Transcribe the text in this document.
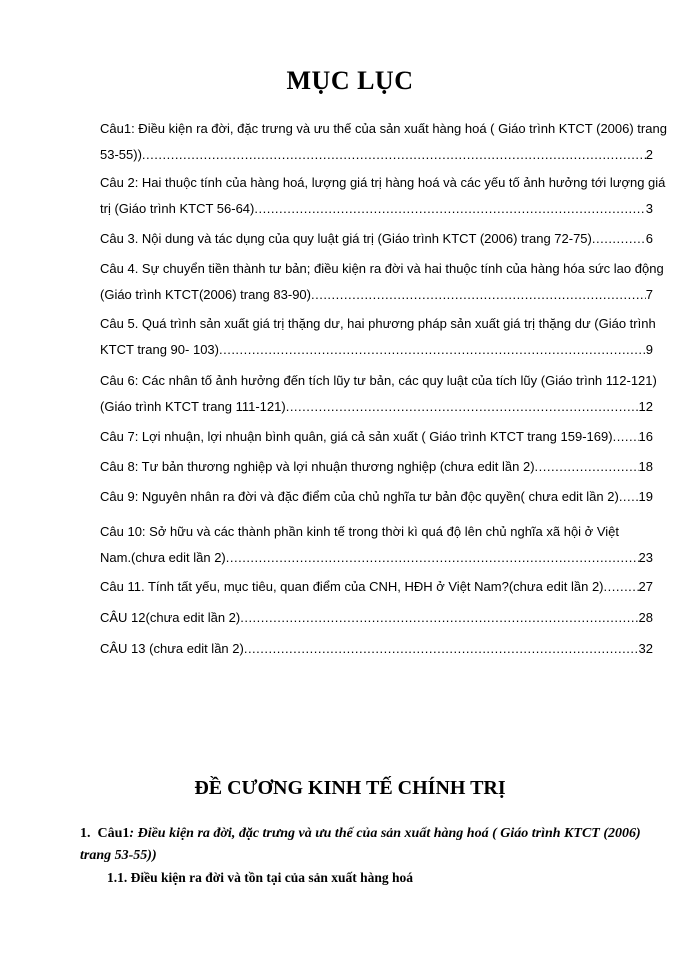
MỤC LỤC
Câu1: Điều kiện ra đời, đặc trưng và ưu thế của sản xuất hàng hoá ( Giáo trình KTCT (2006) trang
53-55)) .....	2
Câu 2: Hai thuộc tính của hàng hoá, lượng giá trị hàng hoá và các yếu tố ảnh hưởng tới lượng giá
trị (Giáo trình KTCT 56-64) .....	3
Câu 3. Nội dung và tác dụng của quy luật giá trị (Giáo trình KTCT (2006) trang 72-75) .....	6
Câu 4. Sự chuyển tiền thành tư bản; điều kiện ra đời và hai thuộc tính của hàng hóa sức lao động
(Giáo trình KTCT(2006) trang 83-90) .....	7
Câu 5. Quá trình sản xuất giá trị thặng dư, hai phương pháp sản xuất giá trị thặng dư (Giáo trình
KTCT trang 90- 103) .....	9
Câu 6: Các nhân tố ảnh hưởng đến tích lũy tư bản, các quy luật của tích lũy (Giáo trình 112-121)
(Giáo trình KTCT trang 111-121) .....	12
Câu 7: Lợi nhuận, lợi nhuận bình quân, giá cả sản xuất ( Giáo trình KTCT trang 159-169) ..... 16
Câu 8: Tư bản thương nghiệp và lợi nhuận thương nghiệp (chưa edit lần 2) .....	18
Câu 9: Nguyên nhân ra đời và đặc điểm của chủ nghĩa tư bản độc quyền( chưa edit lần 2) ..... 19
Câu 10: Sở hữu và các thành phần kinh tế trong thời kì quá độ lên chủ nghĩa xã hội ở Việt
Nam.(chưa edit lần 2) .....	23
Câu 11. Tính tất yếu, mục tiêu, quan điểm của CNH, HĐH ở Việt Nam?(chưa edit lần 2) .....	27
CÂU 12(chưa edit lần 2) .....	28
CÂU 13 (chưa edit lần 2) .....	32
ĐỀ CƯƠNG KINH TẾ CHÍNH TRỊ
1. Câu1: Điều kiện ra đời, đặc trưng và ưu thế của sản xuất hàng hoá ( Giáo trình KTCT (2006) trang 53-55))
1.1. Điều kiện ra đời và tồn tại của sản xuất hàng hoá
